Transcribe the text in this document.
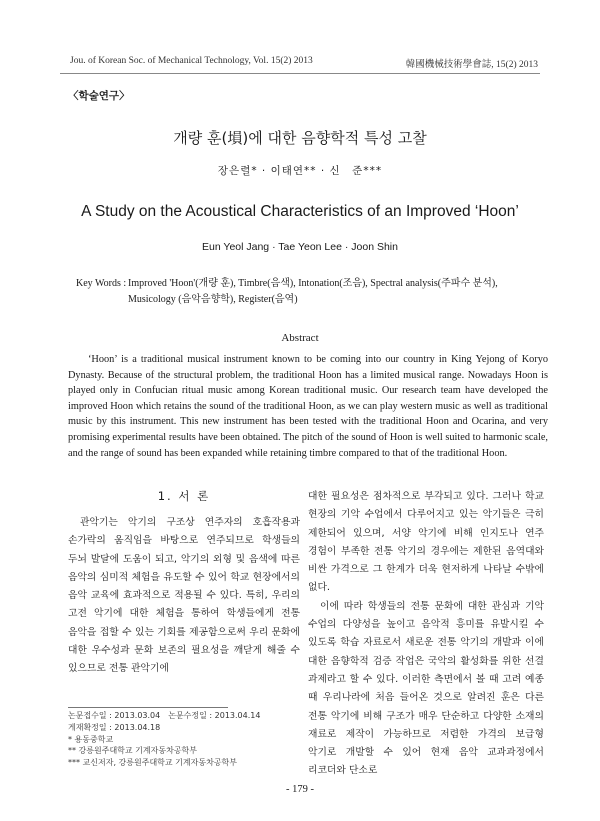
Jou. of Korean Soc. of Mechanical Technology, Vol. 15(2) 2013	韓國機械技術學會誌, 15(2) 2013
〈학술연구〉
개량 훈(塤)에 대한 음향학적 특성 고찰
장은렬* · 이태연** · 신　준***
A Study on the Acoustical Characteristics of an Improved ‘Hoon’
Eun Yeol Jang · Tae Yeon Lee · Joon Shin
Key Words : Improved 'Hoon'(개량 훈), Timbre(음색), Intonation(조음), Spectral analysis(주파수 분석), Musicology (음악음향학), Register(음역)
Abstract
‘Hoon’ is a traditional musical instrument known to be coming into our country in King Yejong of Koryo Dynasty. Because of the structural problem, the traditional Hoon has a limited musical range. Nowadays Hoon is played only in Confucian ritual music among Korean traditional music. Our research team have developed the improved Hoon which retains the sound of the traditional Hoon, as we can play western music as well as traditional music by this instrument. This new instrument has been tested with the traditional Hoon and Ocarina, and very promising experimental results have been obtained. The pitch of the sound of Hoon is well suited to harmonic scale, and the range of sound has been expanded while retaining timbre compared to that of the traditional Hoon.
1. 서 론

관악기는 악기의 구조상 연주자의 호흡작용과 손가락의 움직임을 바탕으로 연주되므로 학생들의 두뇌 발달에 도움이 되고, 악기의 외형 및 음색에 따른 음악의 심미적 체험을 유도할 수 있어 학교 현장에서의 음악 교육에 효과적으로 적용될 수 있다. 특히, 우리의 고전 악기에 대한 체험을 통하여 학생들에게 전통 음악을 접할 수 있는 기회를 제공함으로써 우리 문화에 대한 우수성과 문화 보존의 필요성을 깨닫게 해줄 수 있으므로 전통 관악기에

대한 필요성은 점차적으로 부각되고 있다. 그러나 학교 현장의 기악 수업에서 다루어지고 있는 악기들은 극히 제한되어 있으며, 서양 악기에 비해 인지도나 연주 경험이 부족한 전통 악기의 경우에는 제한된 음역대와 비싼 가격으로 그 한계가 더욱 현저하게 나타날 수밖에 없다.

이에 따라 학생들의 전통 문화에 대한 관심과 기악 수업의 다양성을 높이고 음악적 흥미를 유발시킬 수 있도록 학습 자료로서 새로운 전통 악기의 개발과 이에 대한 음향학적 검증 작업은 국악의 활성화를 위한 선결 과제라고 할 수 있다. 이러한 측면에서 볼 때 고려 예종 때 우리나라에 처음 들어온 것으로 알려진 훈은 다른 전통 악기에 비해 구조가 매우 단순하고 다양한 소재의 재료로 제작이 가능하므로 저렴한 가격의 보급형 악기로 개발할 수 있어 현재 음악 교과과정에서 리코더와 단소로

논문접수일 : 2013.03.04　논문수정일 : 2013.04.14

게재확정일 : 2013.04.18

* 용동중학교

** 강릉원주대학교 기계자동차공학부

*** 교신저자, 강릉원주대학교 기계자동차공학부

- 179 -
